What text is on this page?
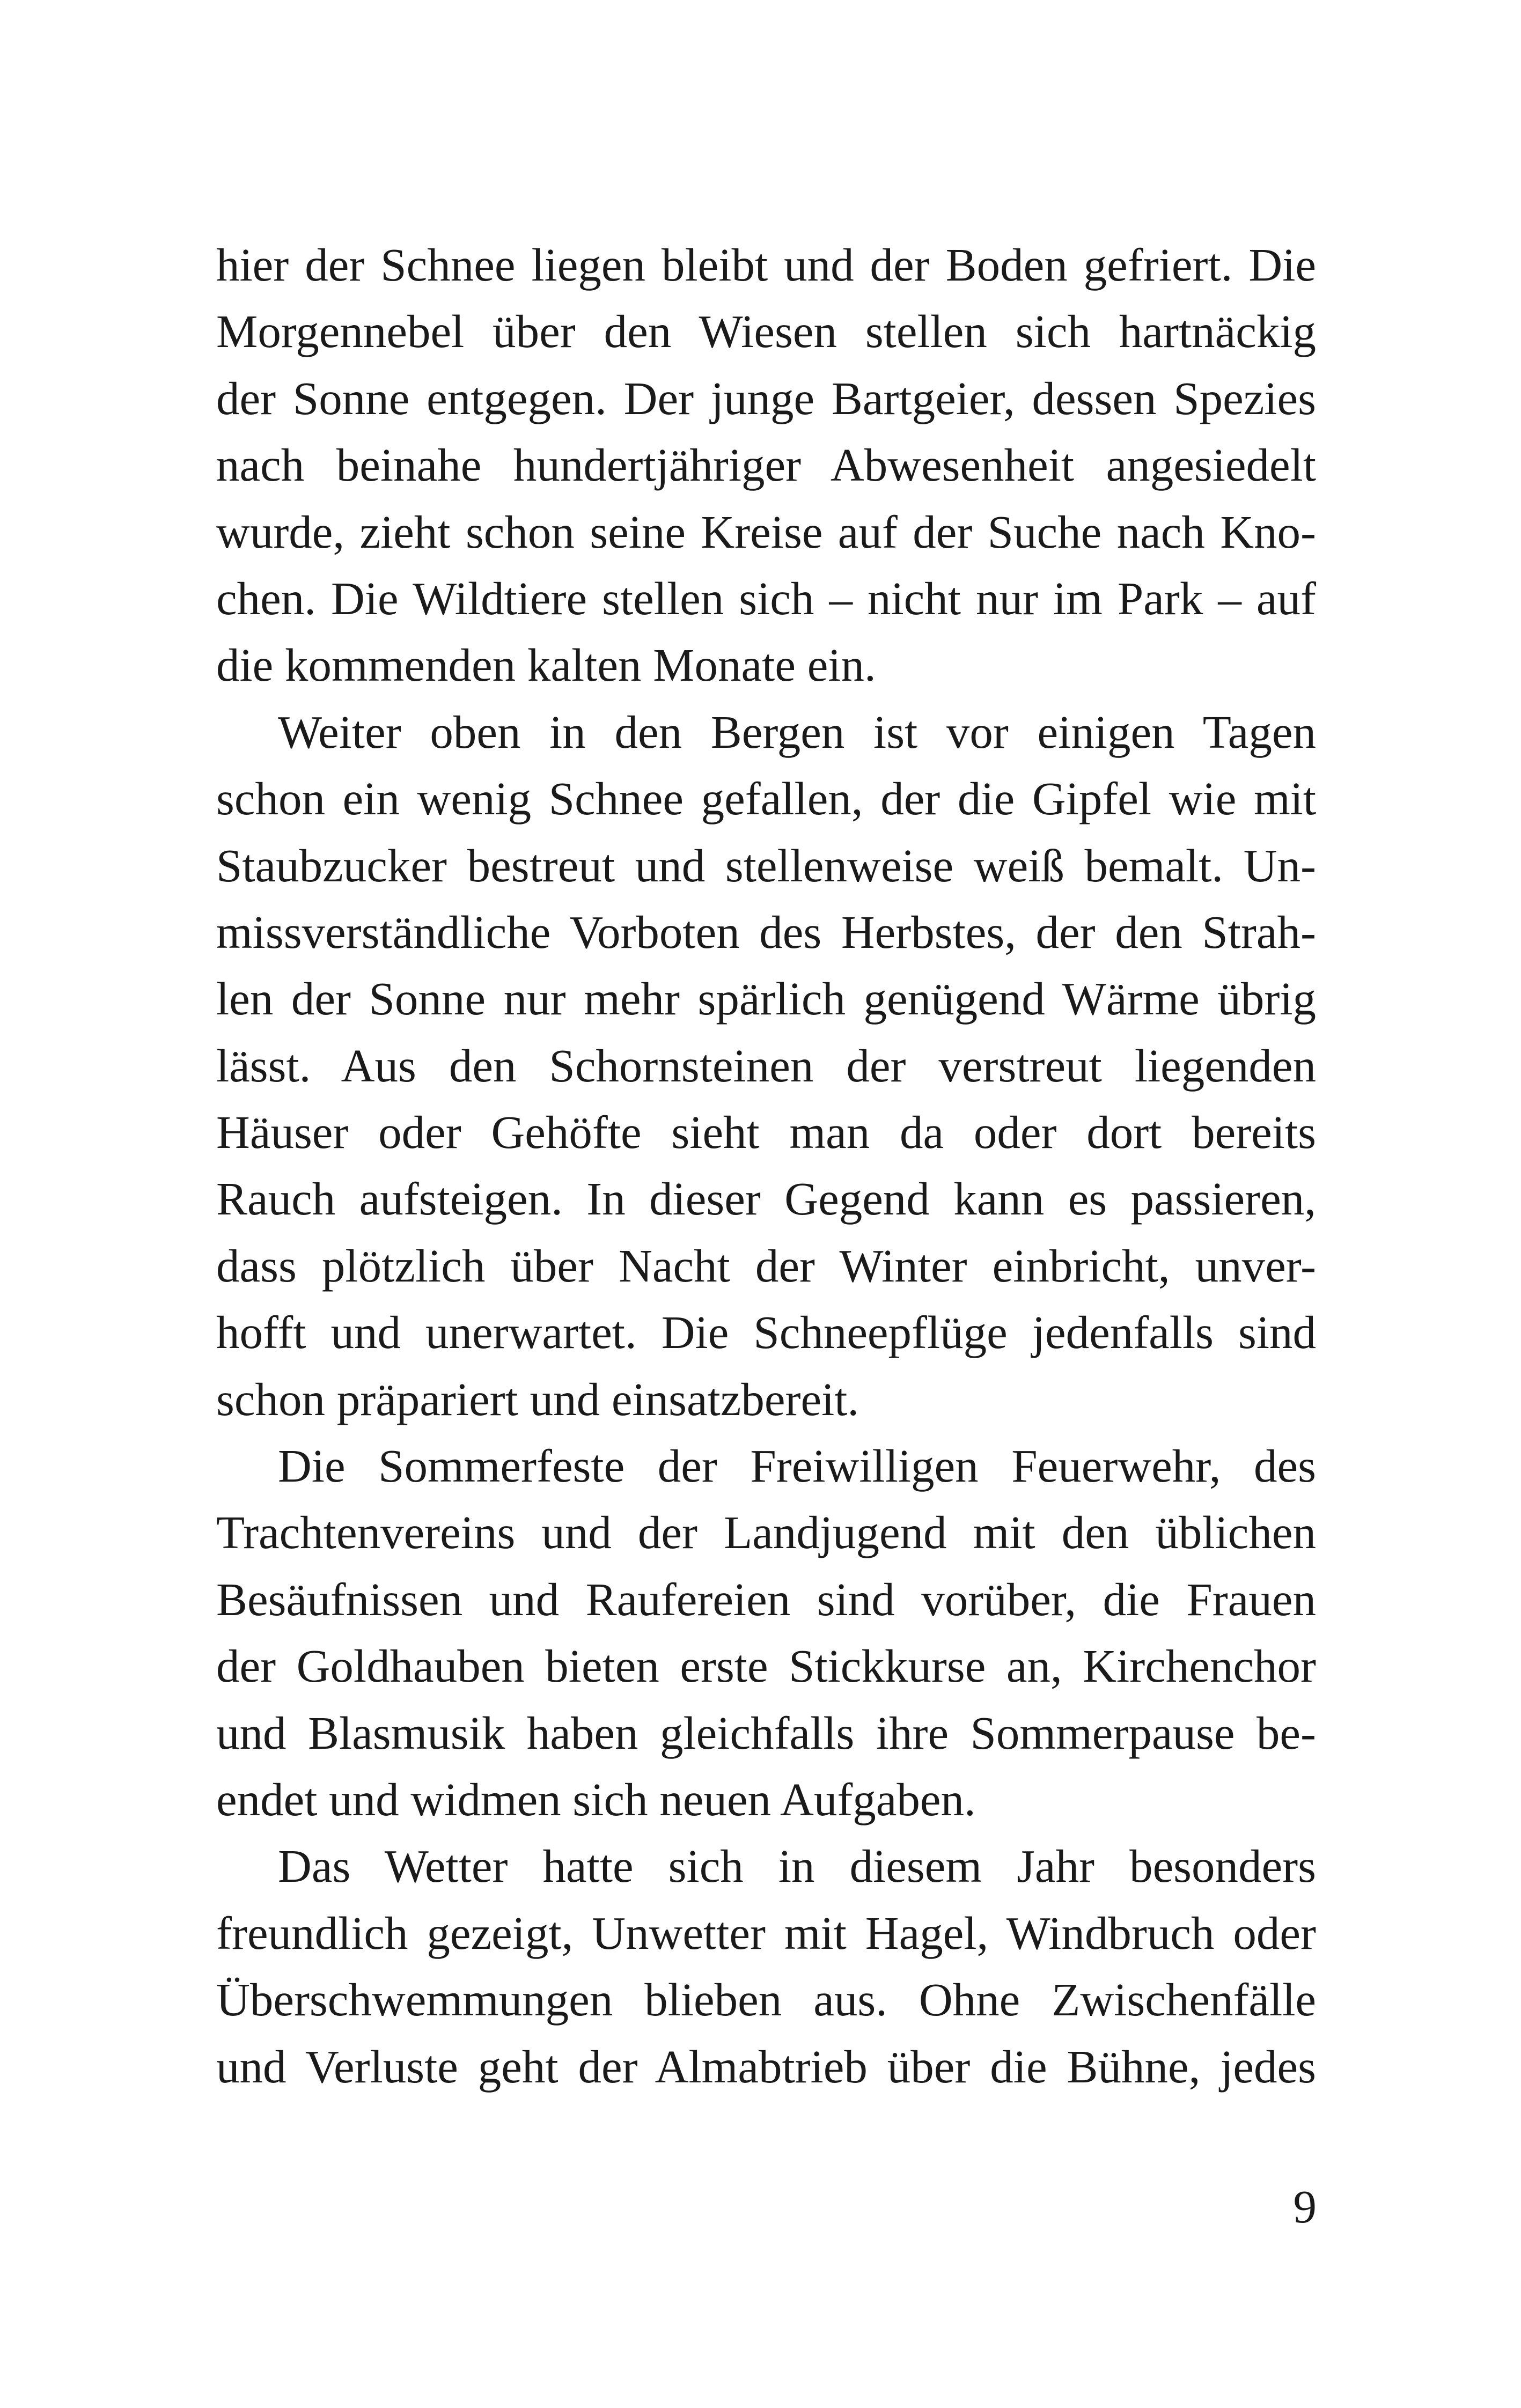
hier der Schnee liegen bleibt und der Boden gefriert. Die
Morgennebel über den Wiesen stellen sich hartnäckig
der Sonne entgegen. Der junge Bartgeier, dessen Spezies
nach beinahe hundertjähriger Abwesenheit angesiedelt
wurde, zieht schon seine Kreise auf der Suche nach Kno-
chen. Die Wildtiere stellen sich – nicht nur im Park – auf
die kommenden kalten Monate ein.
Weiter oben in den Bergen ist vor einigen Tagen
schon ein wenig Schnee gefallen, der die Gipfel wie mit
Staubzucker bestreut und stellenweise weiß bemalt. Un-
missverständliche Vorboten des Herbstes, der den Strah-
len der Sonne nur mehr spärlich genügend Wärme übrig
lässt. Aus den Schornsteinen der verstreut liegenden
Häuser oder Gehöfte sieht man da oder dort bereits
Rauch aufsteigen. In dieser Gegend kann es passieren,
dass plötzlich über Nacht der Winter einbricht, unver-
hofft und unerwartet. Die Schneepflüge jedenfalls sind
schon präpariert und einsatzbereit.
Die Sommerfeste der Freiwilligen Feuerwehr, des
Trachtenvereins und der Landjugend mit den üblichen
Besäufnissen und Raufereien sind vorüber, die Frauen
der Goldhauben bieten erste Stickkurse an, Kirchenchor
und Blasmusik haben gleichfalls ihre Sommerpause be-
endet und widmen sich neuen Aufgaben.
Das Wetter hatte sich in diesem Jahr besonders
freundlich gezeigt, Unwetter mit Hagel, Windbruch oder
Überschwemmungen blieben aus. Ohne Zwischenfälle
und Verluste geht der Almabtrieb über die Bühne, jedes
9
